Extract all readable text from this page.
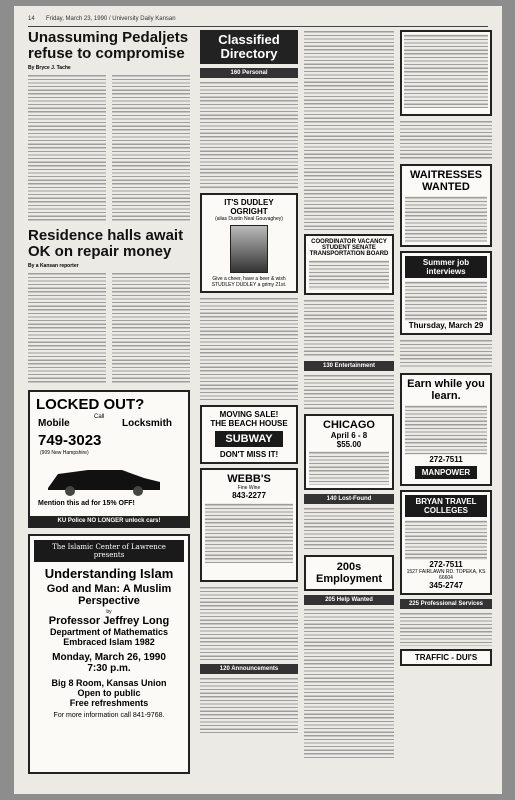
14 Friday, March 23, 1990 / University Daily Kansan
Unassuming Pedaljets refuse to compromise
By Bryce J. Tache
Residence halls await OK on repair money
By a Kansan reporter
LOCKED OUT?
Mobile
Call
Locksmith
749-3023
(909 New Hampshire)
Mention this ad for 15% OFF!
KU Police NO LONGER unlock cars!
The Islamic Center of Lawrence presents
Understanding Islam
God and Man: A Muslim Perspective
by
Professor Jeffrey Long
Department of Mathematics
Embraced Islam 1982
Monday, March 26, 1990
7:30 p.m.
Big 8 Room, Kansas Union
Open to public
Free refreshments
For more information call 841-9768.
Classified Directory
160 Personal
IT'S DUDLEY OGRIGHT
(alias Dustin Neal Gouvaghey)
Give a cheer, have a beer & wish STUDLEY DUDLEY a grimy 21st.
MOVING SALE!
THE BEACH HOUSE
SUBWAY
DON'T MISS IT!
WEBB'S
Fine Wine
843-2277
120 Announcements
COORDINATOR VACANCY STUDENT SENATE TRANSPORTATION BOARD
130 Entertainment
CHICAGO
April 6 - 8
$55.00
140 Lost-Found
200s Employment
205 Help Wanted
WAITRESSES WANTED
Summer job interviews
Thursday, March 29
Earn while you learn.
272-7511
MANPOWER
BRYAN TRAVEL COLLEGES
272-7511
1527 FAIRLAWN RD. TOPEKA, KS 66604
345-2747
225 Professional Services
TRAFFIC - DUI'S
